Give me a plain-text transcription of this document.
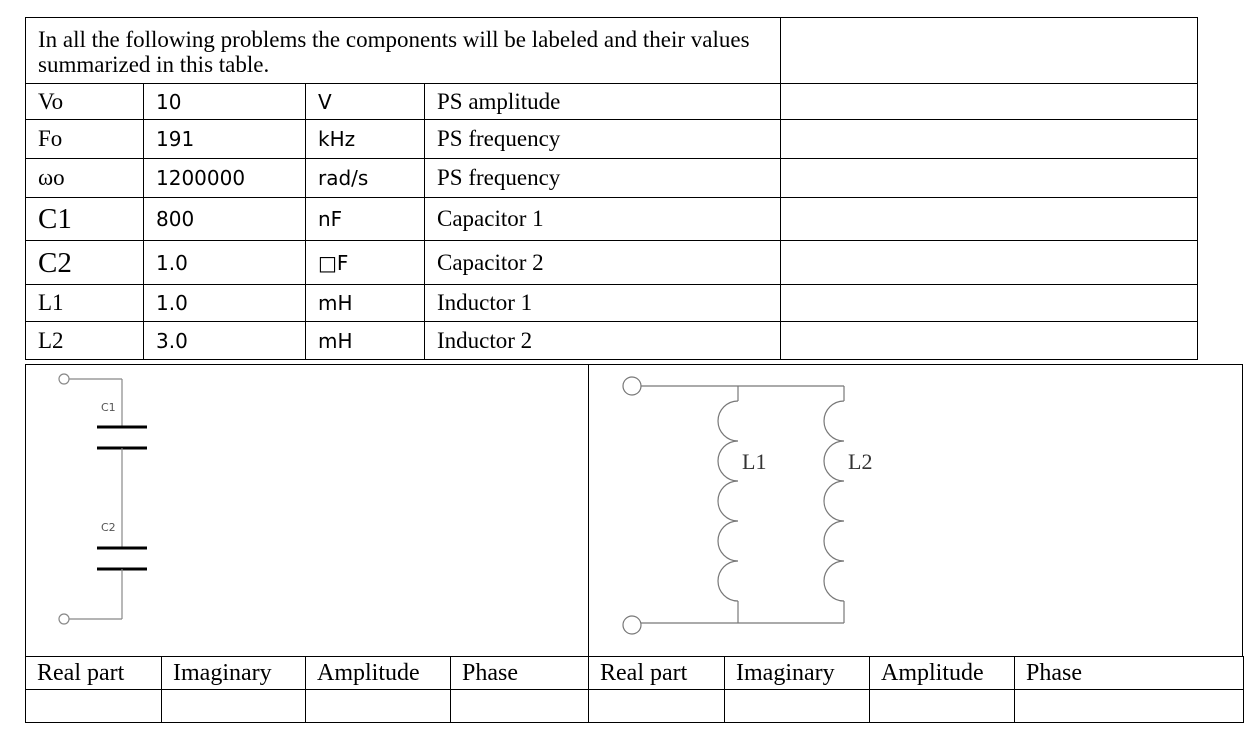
In all the following problems the components will be labeled and their values summarized in this table.				
Vo	10	V	PS amplitude	
Fo	191	kHz	PS frequency	
ωo	1200000	rad/s	PS frequency	
C1	800	nF	Capacitor 1	
C2	1.0	□F	Capacitor 2	
L1	1.0	mH	Inductor 1	
L2	3.0	mH	Inductor 2	
C1
C2
L1	L2
Real part	Imaginary	Amplitude	Phase	Real part	Imaginary	Amplitude	Phase
